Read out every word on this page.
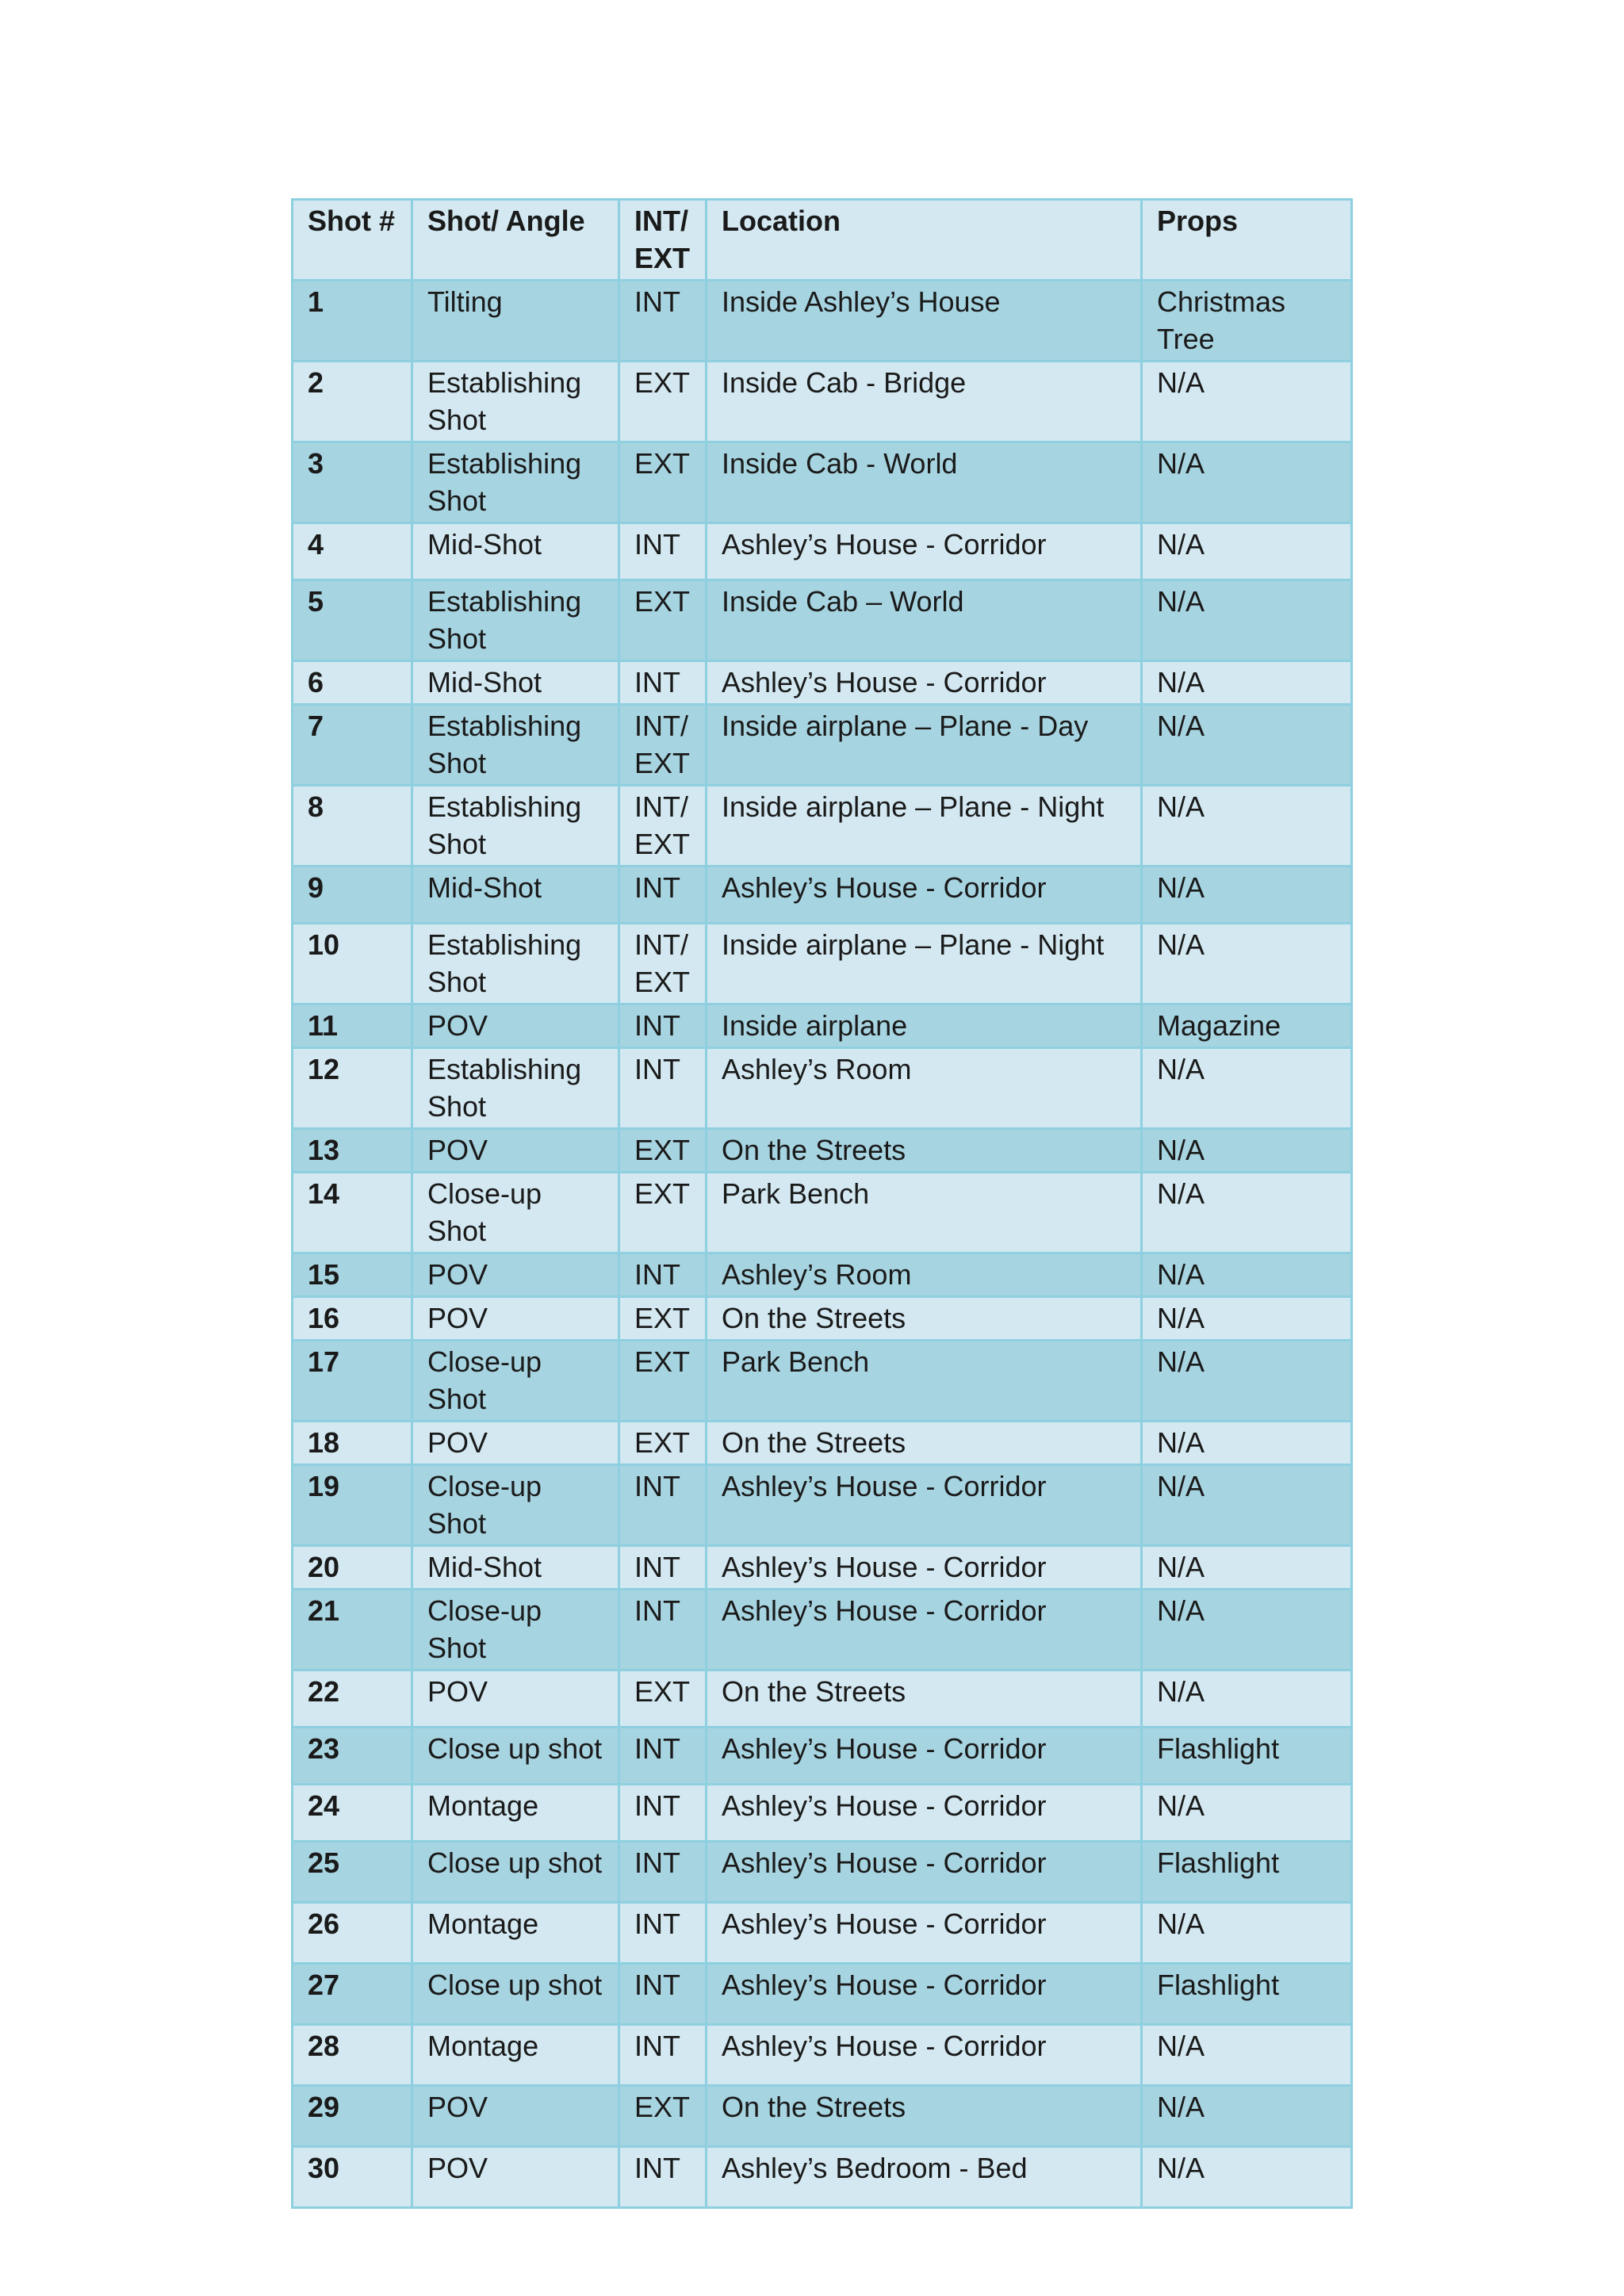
Shot #	Shot/ Angle	INT/ EXT	Location	Props
1	Tilting	INT	Inside Ashley’s House	Christmas Tree
2	Establishing Shot	EXT	Inside Cab - Bridge	N/A
3	Establishing Shot	EXT	Inside Cab - World	N/A
4	Mid-Shot	INT	Ashley’s House - Corridor	N/A
5	Establishing Shot	EXT	Inside Cab – World	N/A
6	Mid-Shot	INT	Ashley’s House - Corridor	N/A
7	Establishing Shot	INT/ EXT	Inside airplane – Plane - Day	N/A
8	Establishing Shot	INT/ EXT	Inside airplane – Plane - Night	N/A
9	Mid-Shot	INT	Ashley’s House - Corridor	N/A
10	Establishing Shot	INT/ EXT	Inside airplane – Plane - Night	N/A
11	POV	INT	Inside airplane	Magazine
12	Establishing Shot	INT	Ashley’s Room	N/A
13	POV	EXT	On the Streets	N/A
14	Close-up Shot	EXT	Park Bench	N/A
15	POV	INT	Ashley’s Room	N/A
16	POV	EXT	On the Streets	N/A
17	Close-up Shot	EXT	Park Bench	N/A
18	POV	EXT	On the Streets	N/A
19	Close-up Shot	INT	Ashley’s House - Corridor	N/A
20	Mid-Shot	INT	Ashley’s House - Corridor	N/A
21	Close-up Shot	INT	Ashley’s House - Corridor	N/A
22	POV	EXT	On the Streets	N/A
23	Close up shot	INT	Ashley’s House - Corridor	Flashlight
24	Montage	INT	Ashley’s House - Corridor	N/A
25	Close up shot	INT	Ashley’s House - Corridor	Flashlight
26	Montage	INT	Ashley’s House - Corridor	N/A
27	Close up shot	INT	Ashley’s House - Corridor	Flashlight
28	Montage	INT	Ashley’s House - Corridor	N/A
29	POV	EXT	On the Streets	N/A
30	POV	INT	Ashley’s Bedroom - Bed	N/A
